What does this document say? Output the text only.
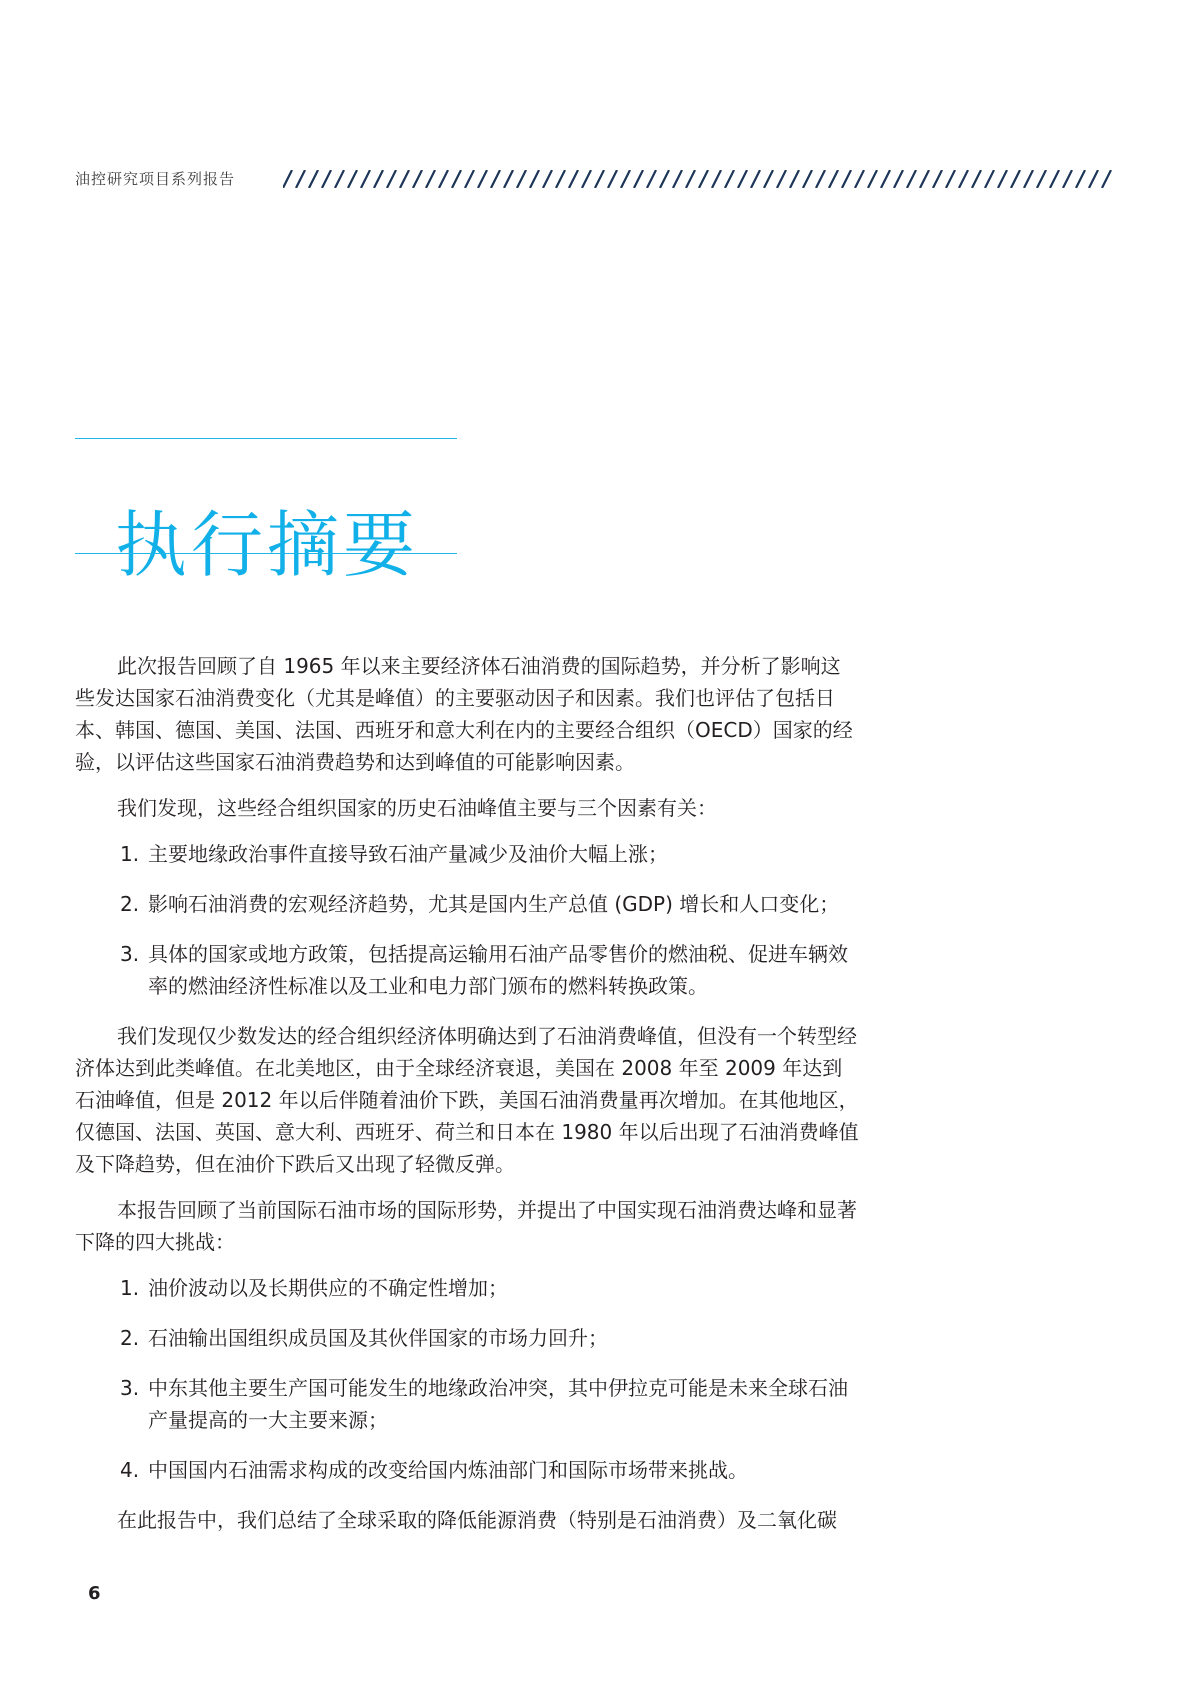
油控研究项目系列报告
执行摘要

此次报告回顾了自 1965 年以来主要经济体石油消费的国际趋势，并分析了影响这些发达国家石油消费变化（尤其是峰值）的主要驱动因子和因素。我们也评估了包括日本、韩国、德国、美国、法国、西班牙和意大利在内的主要经合组织（OECD）国家的经验，以评估这些国家石油消费趋势和达到峰值的可能影响因素。

我们发现，这些经合组织国家的历史石油峰值主要与三个因素有关：

1. 主要地缘政治事件直接导致石油产量减少及油价大幅上涨；
2. 影响石油消费的宏观经济趋势，尤其是国内生产总值 (GDP) 增长和人口变化；
3. 具体的国家或地方政策，包括提高运输用石油产品零售价的燃油税、促进车辆效率的燃油经济性标准以及工业和电力部门颁布的燃料转换政策。

我们发现仅少数发达的经合组织经济体明确达到了石油消费峰值，但没有一个转型经济体达到此类峰值。在北美地区，由于全球经济衰退，美国在 2008 年至 2009 年达到石油峰值，但是 2012 年以后伴随着油价下跌，美国石油消费量再次增加。在其他地区，仅德国、法国、英国、意大利、西班牙、荷兰和日本在 1980 年以后出现了石油消费峰值及下降趋势，但在油价下跌后又出现了轻微反弹。

本报告回顾了当前国际石油市场的国际形势，并提出了中国实现石油消费达峰和显著下降的四大挑战：

1. 油价波动以及长期供应的不确定性增加；
2. 石油输出国组织成员国及其伙伴国家的市场力回升；
3. 中东其他主要生产国可能发生的地缘政治冲突，其中伊拉克可能是未来全球石油产量提高的一大主要来源；
4. 中国国内石油需求构成的改变给国内炼油部门和国际市场带来挑战。

在此报告中，我们总结了全球采取的降低能源消费（特别是石油消费）及二氧化碳

6
